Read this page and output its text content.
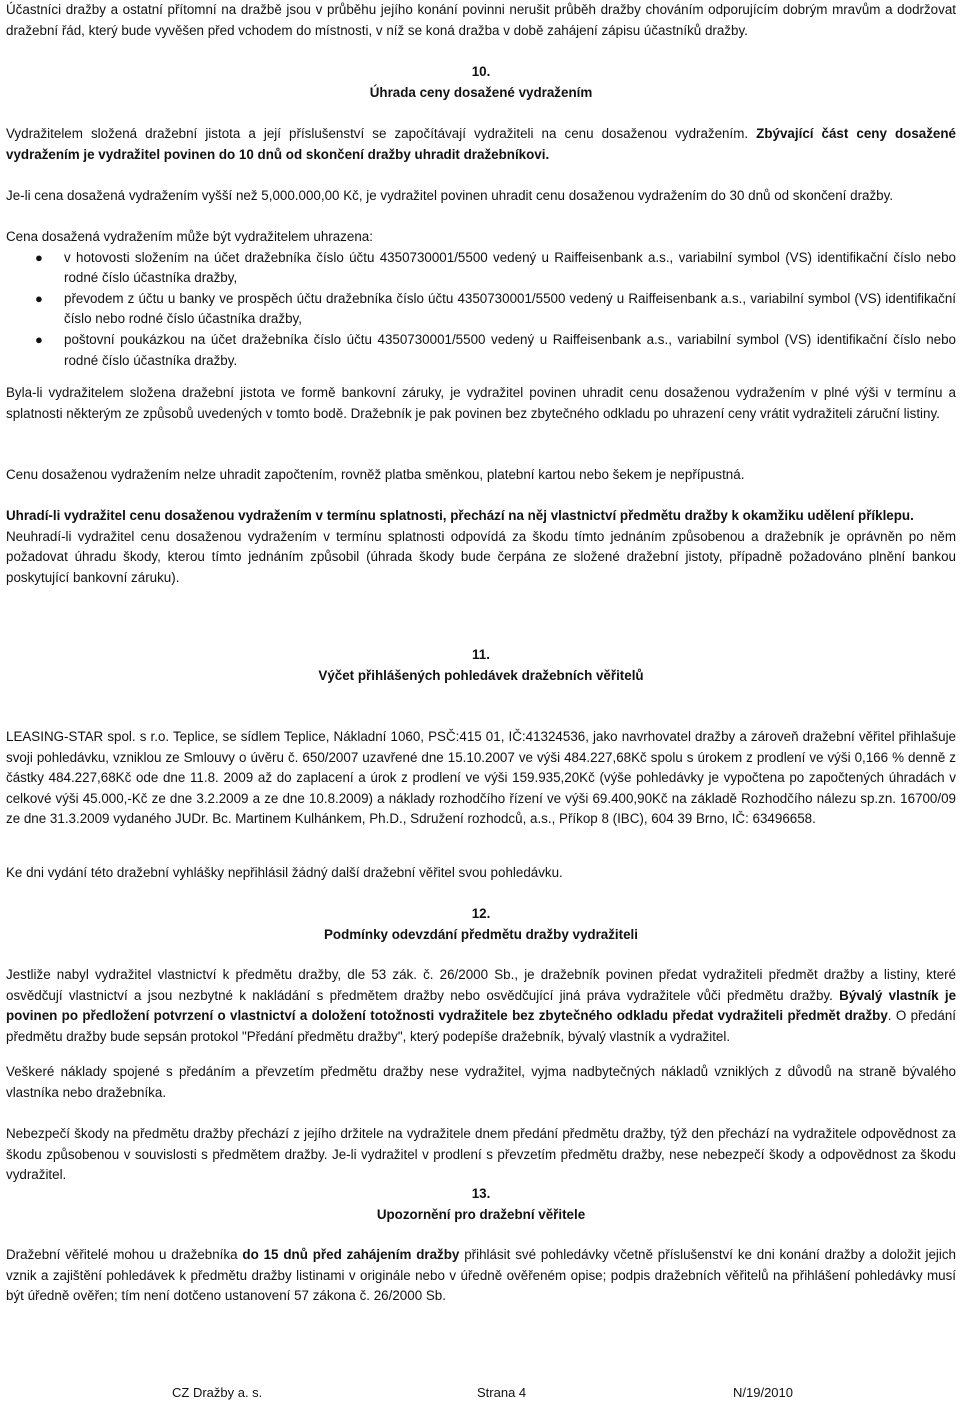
Účastníci dražby a ostatní přítomní na dražbě jsou v průběhu jejího konání povinni nerušit průběh dražby chováním odporujícím dobrým mravům a dodržovat dražební řád, který bude vyvěšen před vchodem do místnosti, v níž se koná dražba v době zahájení zápisu účastníků dražby.

10.

Úhrada ceny dosažené vydražením

Vydražitelem složená dražební jistota a její příslušenství se započítávají vydražiteli na cenu dosaženou vydražením. Zbývající část ceny dosažené vydražením je vydražitel povinen do 10 dnů od skončení dražby uhradit dražebníkovi.

Je-li cena dosažená vydražením vyšší než 5,000.000,00 Kč, je vydražitel povinen uhradit cenu dosaženou vydražením do 30 dnů od skončení dražby.

Cena dosažená vydražením může být vydražitelem uhrazena:

● v hotovosti složením na účet dražebníka číslo účtu 4350730001/5500 vedený u Raiffeisenbank a.s., variabilní symbol (VS) identifikační číslo nebo rodné číslo účastníka dražby,
● převodem z účtu u banky ve prospěch účtu dražebníka číslo účtu 4350730001/5500 vedený u Raiffeisenbank a.s., variabilní symbol (VS) identifikační číslo nebo rodné číslo účastníka dražby,
● poštovní poukázkou na účet dražebníka číslo účtu 4350730001/5500 vedený u Raiffeisenbank a.s., variabilní symbol (VS) identifikační číslo nebo rodné číslo účastníka dražby.

Byla-li vydražitelem složena dražební jistota ve formě bankovní záruky, je vydražitel povinen uhradit cenu dosaženou vydražením v plné výši v termínu a splatnosti některým ze způsobů uvedených v tomto bodě. Dražebník je pak povinen bez zbytečného odkladu po uhrazení ceny vrátit vydražiteli záruční listiny.

Cenu dosaženou vydražením nelze uhradit započtením, rovněž platba směnkou, platební kartou nebo šekem je nepřípustná.

Uhradí-li vydražitel cenu dosaženou vydražením v termínu splatnosti, přechází na něj vlastnictví předmětu dražby k okamžiku udělení příklepu.

Neuhradí-li vydražitel cenu dosaženou vydražením v termínu splatnosti odpovídá za škodu tímto jednáním způsobenou a dražebník je oprávněn po něm požadovat úhradu škody, kterou tímto jednáním způsobil (úhrada škody bude čerpána ze složené dražební jistoty, případně požadováno plnění bankou poskytující bankovní záruku).

11.

Výčet přihlášených pohledávek dražebních věřitelů

LEASING-STAR spol. s r.o. Teplice, se sídlem Teplice, Nákladní 1060, PSČ:415 01, IČ:41324536, jako navrhovatel dražby a zároveň dražební věřitel přihlašuje svoji pohledávku, vzniklou ze Smlouvy o úvěru č. 650/2007 uzavřené dne 15.10.2007 ve výši 484.227,68Kč spolu s úrokem z prodlení ve výši 0,166 % denně z částky 484.227,68Kč ode dne 11.8. 2009 až do zaplacení a úrok z prodlení ve výši 159.935,20Kč (výše pohledávky je vypočtena po započtených úhradách v celkové výši 45.000,-Kč ze dne 3.2.2009 a ze dne 10.8.2009) a náklady rozhodčího řízení ve výši 69.400,90Kč na základě Rozhodčího nálezu sp.zn. 16700/09 ze dne 31.3.2009 vydaného JUDr. Bc. Martinem Kulhánkem, Ph.D., Sdružení rozhodců, a.s., Příkop 8 (IBC), 604 39 Brno, IČ: 63496658.

Ke dni vydání této dražební vyhlášky nepřihlásil žádný další dražební věřitel svou pohledávku.

12.

Podmínky odevzdání předmětu dražby vydražiteli

Jestliže nabyl vydražitel vlastnictví k předmětu dražby, dle 53 zák. č. 26/2000 Sb., je dražebník povinen předat vydražiteli předmět dražby a listiny, které osvědčují vlastnictví a jsou nezbytné k nakládání s předmětem dražby nebo osvědčující jiná práva vydražitele vůči předmětu dražby. Bývalý vlastník je povinen po předložení potvrzení o vlastnictví a doložení totožnosti vydražitele bez zbytečného odkladu předat vydražiteli předmět dražby. O předání předmětu dražby bude sepsán protokol "Předání předmětu dražby", který podepíše dražebník, bývalý vlastník a vydražitel.

Veškeré náklady spojené s předáním a převzetím předmětu dražby nese vydražitel, vyjma nadbytečných nákladů vzniklých z důvodů na straně bývalého vlastníka nebo dražebníka.

Nebezpečí škody na předmětu dražby přechází z jejího držitele na vydražitele dnem předání předmětu dražby, týž den přechází na vydražitele odpovědnost za škodu způsobenou v souvislosti s předmětem dražby. Je-li vydražitel v prodlení s převzetím předmětu dražby, nese nebezpečí škody a odpovědnost za škodu vydražitel.

13.

Upozornění pro dražební věřitele

Dražební věřitelé mohou u dražebníka do 15 dnů před zahájením dražby přihlásit své pohledávky včetně příslušenství ke dni konání dražby a doložit jejich vznik a zajištění pohledávek k předmětu dražby listinami v originále nebo v úředně ověřeném opise; podpis dražebních věřitelů na přihlášení pohledávky musí být úředně ověřen; tím není dotčeno ustanovení 57 zákona č. 26/2000 Sb.

CZ Dražby a. s.	Strana 4	N/19/2010
